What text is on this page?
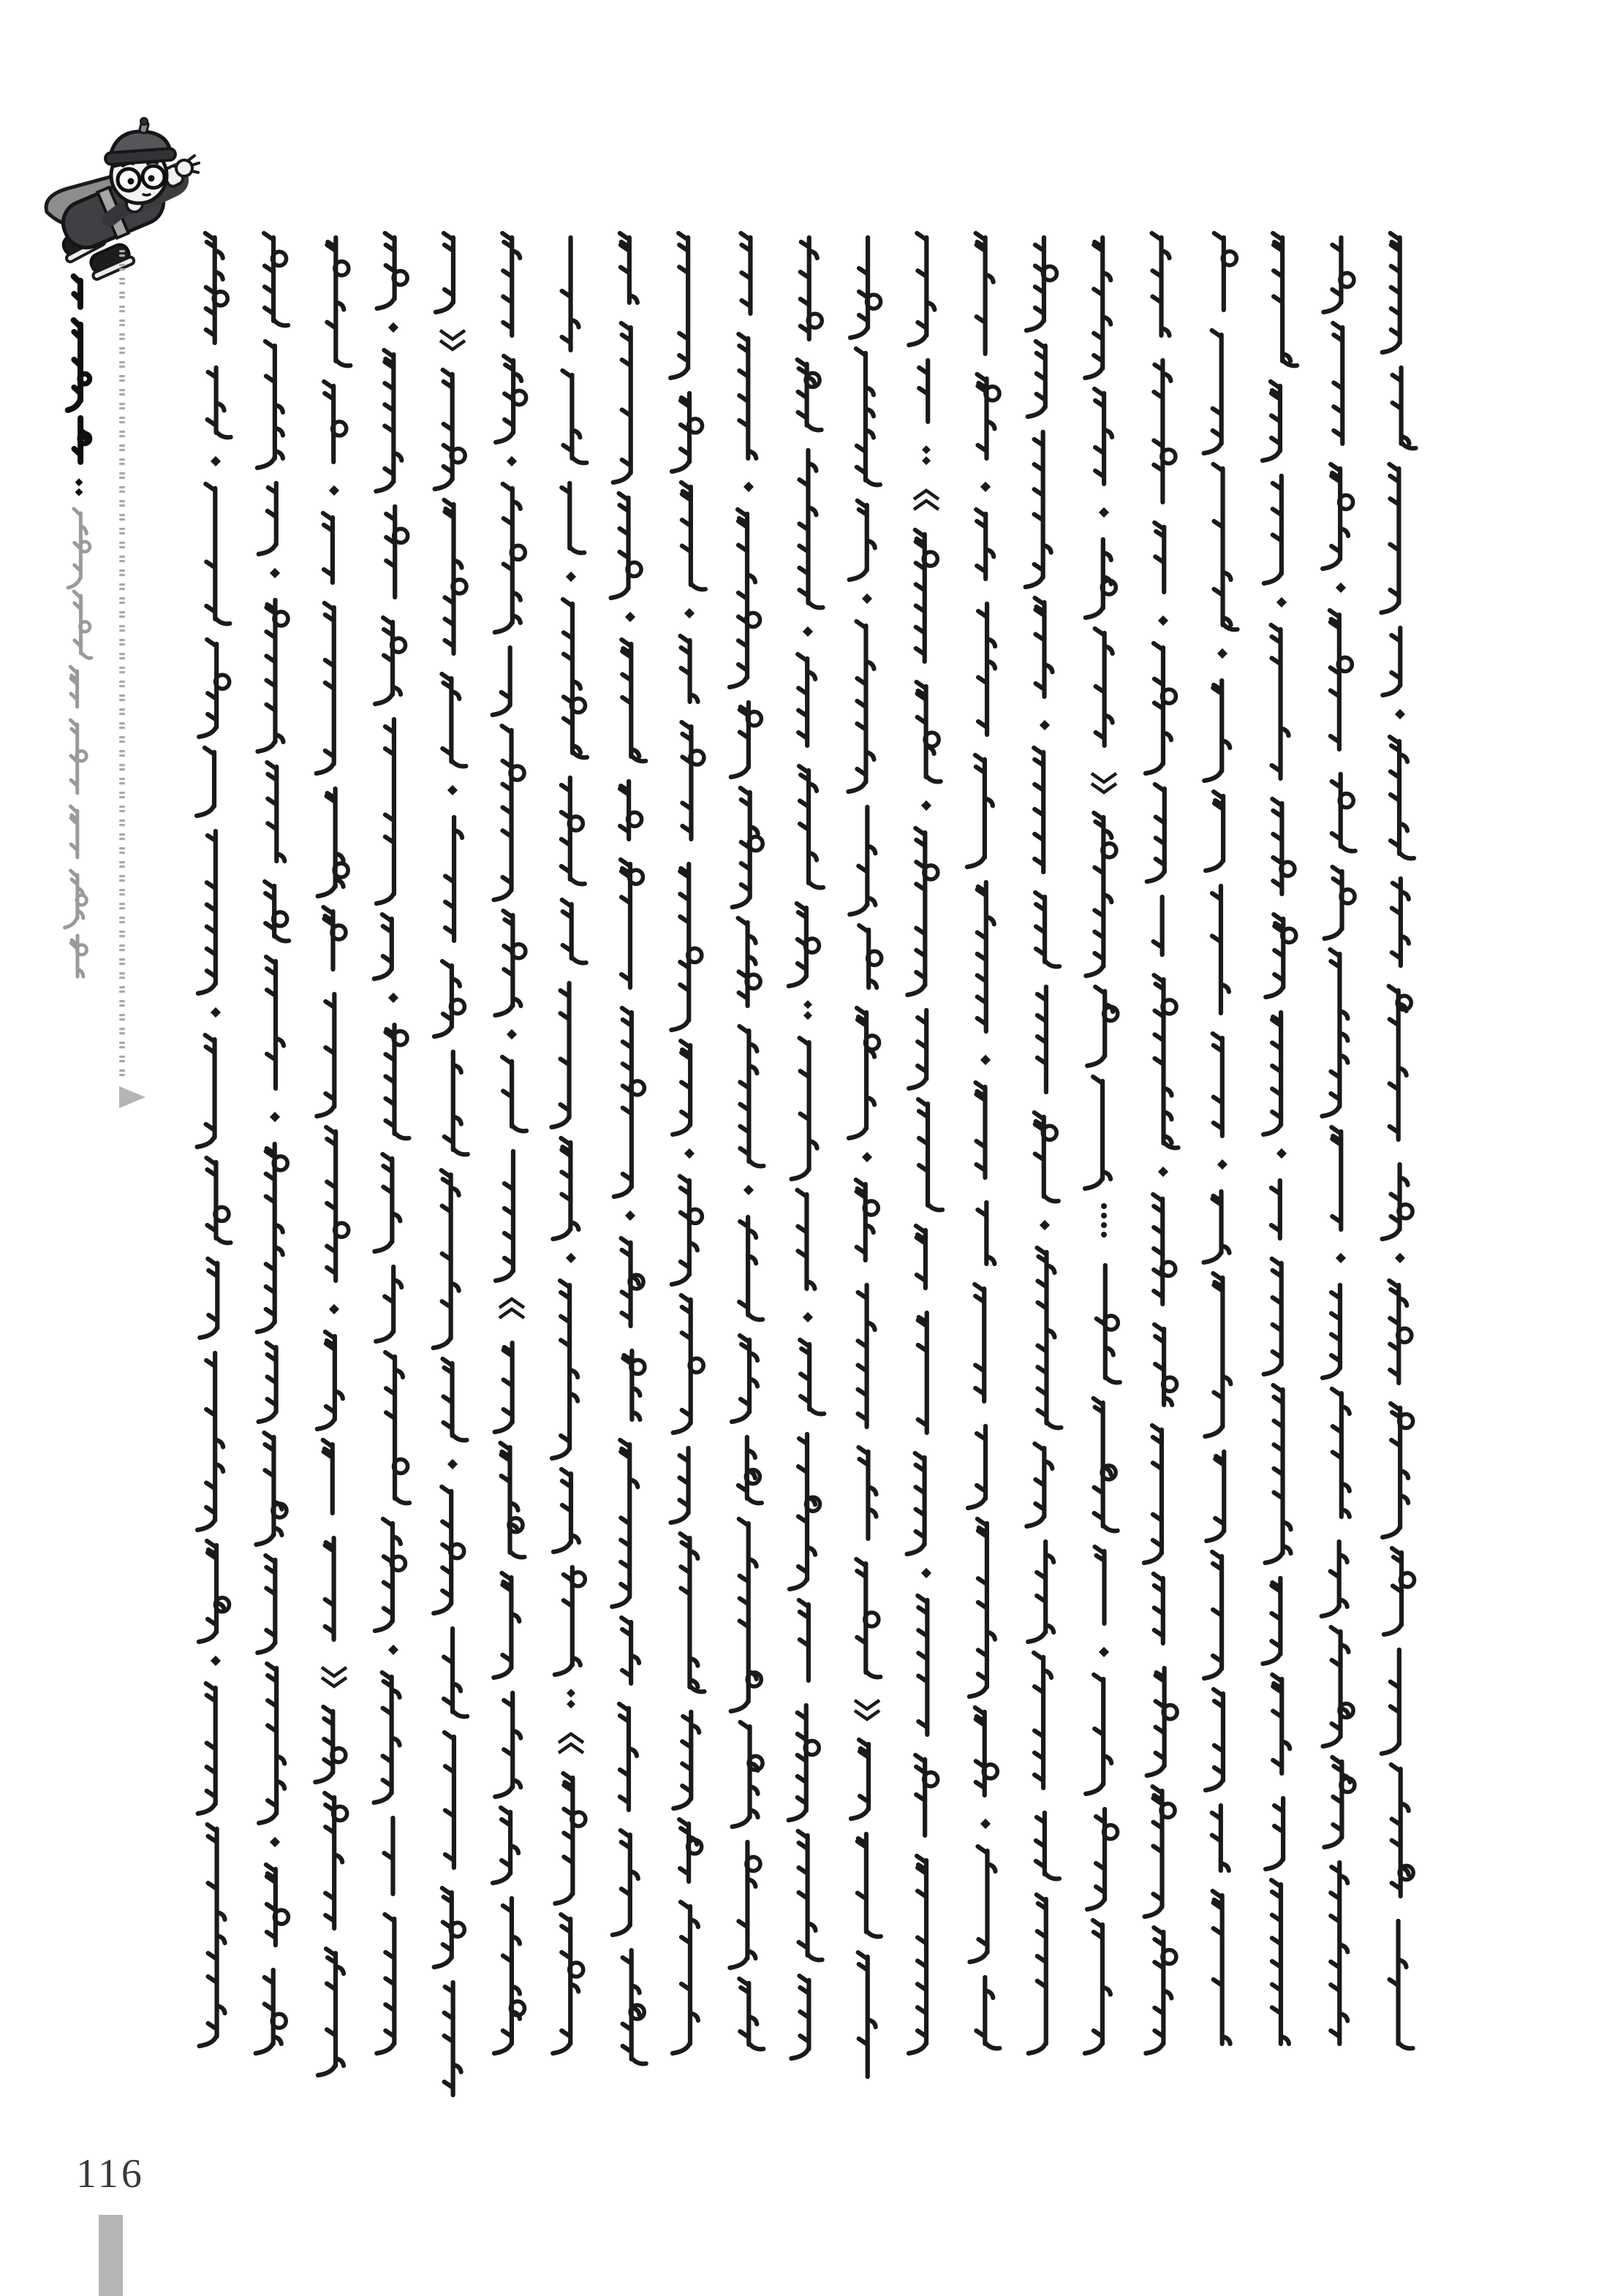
116
